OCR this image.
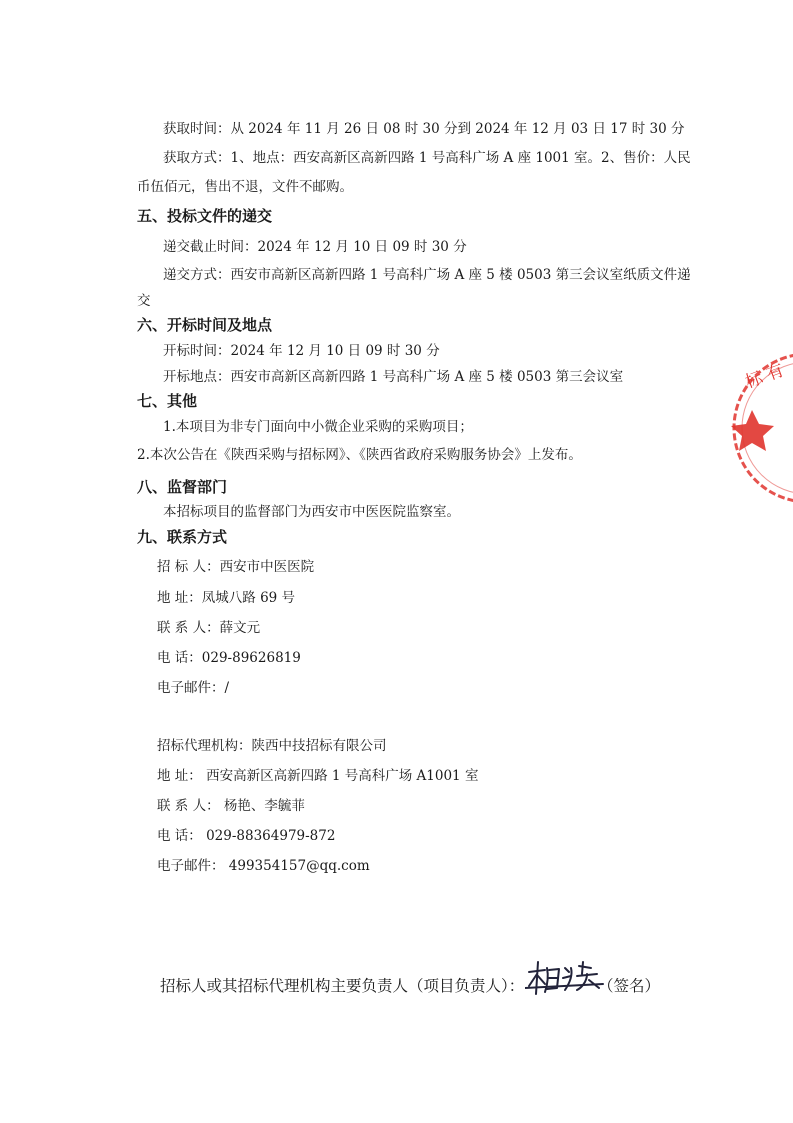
获取时间：从 2024 年 11 月 26 日 08 时 30 分到 2024 年 12 月 03 日 17 时 30 分
获取方式：1、地点：西安高新区高新四路 1 号高科广场 A 座 1001 室。2、售价：人民
币伍佰元，售出不退，文件不邮购。
五、投标文件的递交
递交截止时间：2024 年 12 月 10 日 09 时 30 分
递交方式：西安市高新区高新四路 1 号高科广场 A 座 5 楼 0503 第三会议室纸质文件递
交
六、开标时间及地点
开标时间：2024 年 12 月 10 日 09 时 30 分
开标地点：西安市高新区高新四路 1 号高科广场 A 座 5 楼 0503 第三会议室
七、其他
1.本项目为非专门面向中小微企业采购的采购项目；
2.本次公告在《陕西采购与招标网》、《陕西省政府采购服务协会》上发布。
八、监督部门
本招标项目的监督部门为西安市中医医院监察室。
九、联系方式
招 标 人：西安市中医医院
地 址：凤城八路 69 号
联 系 人：薛文元
电 话：029-89626819
电子邮件：/
招标代理机构：陕西中技招标有限公司
地 址： 西安高新区高新四路 1 号高科广场 A1001 室
联 系 人： 杨艳、李毓菲
电 话： 029-88364979-872
电子邮件： 499354157@qq.com
招标人或其招标代理机构主要负责人（项目负责人）：	（签名）
标 有
